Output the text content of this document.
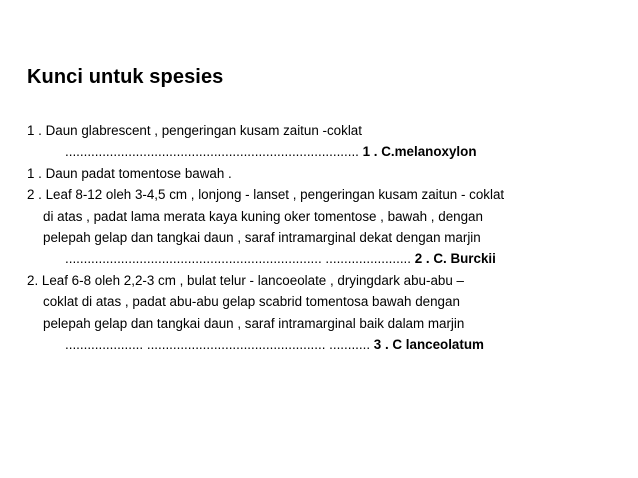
Kunci untuk spesies
1 . Daun glabrescent , pengeringan kusam zaitun -coklat
............................................................................... 1 . C.melanoxylon
1 . Daun padat tomentose bawah .
2 . Leaf 8-12 oleh 3-4,5 cm , lonjong - lanset , pengeringan kusam zaitun - coklat
di atas , padat lama merata kaya kuning oker tomentose , bawah , dengan
pelepah gelap dan tangkai daun , saraf intramarginal dekat dengan marjin
..................................................................... ....................... 2 . C. Burckii
2. Leaf 6-8 oleh 2,2-3 cm , bulat telur - lancoeolate , dryingdark abu-abu –
coklat di atas , padat abu-abu gelap scabrid tomentosa bawah dengan
pelepah gelap dan tangkai daun , saraf intramarginal baik dalam marjin
..................... ................................................ ........... 3 . C lanceolatum
